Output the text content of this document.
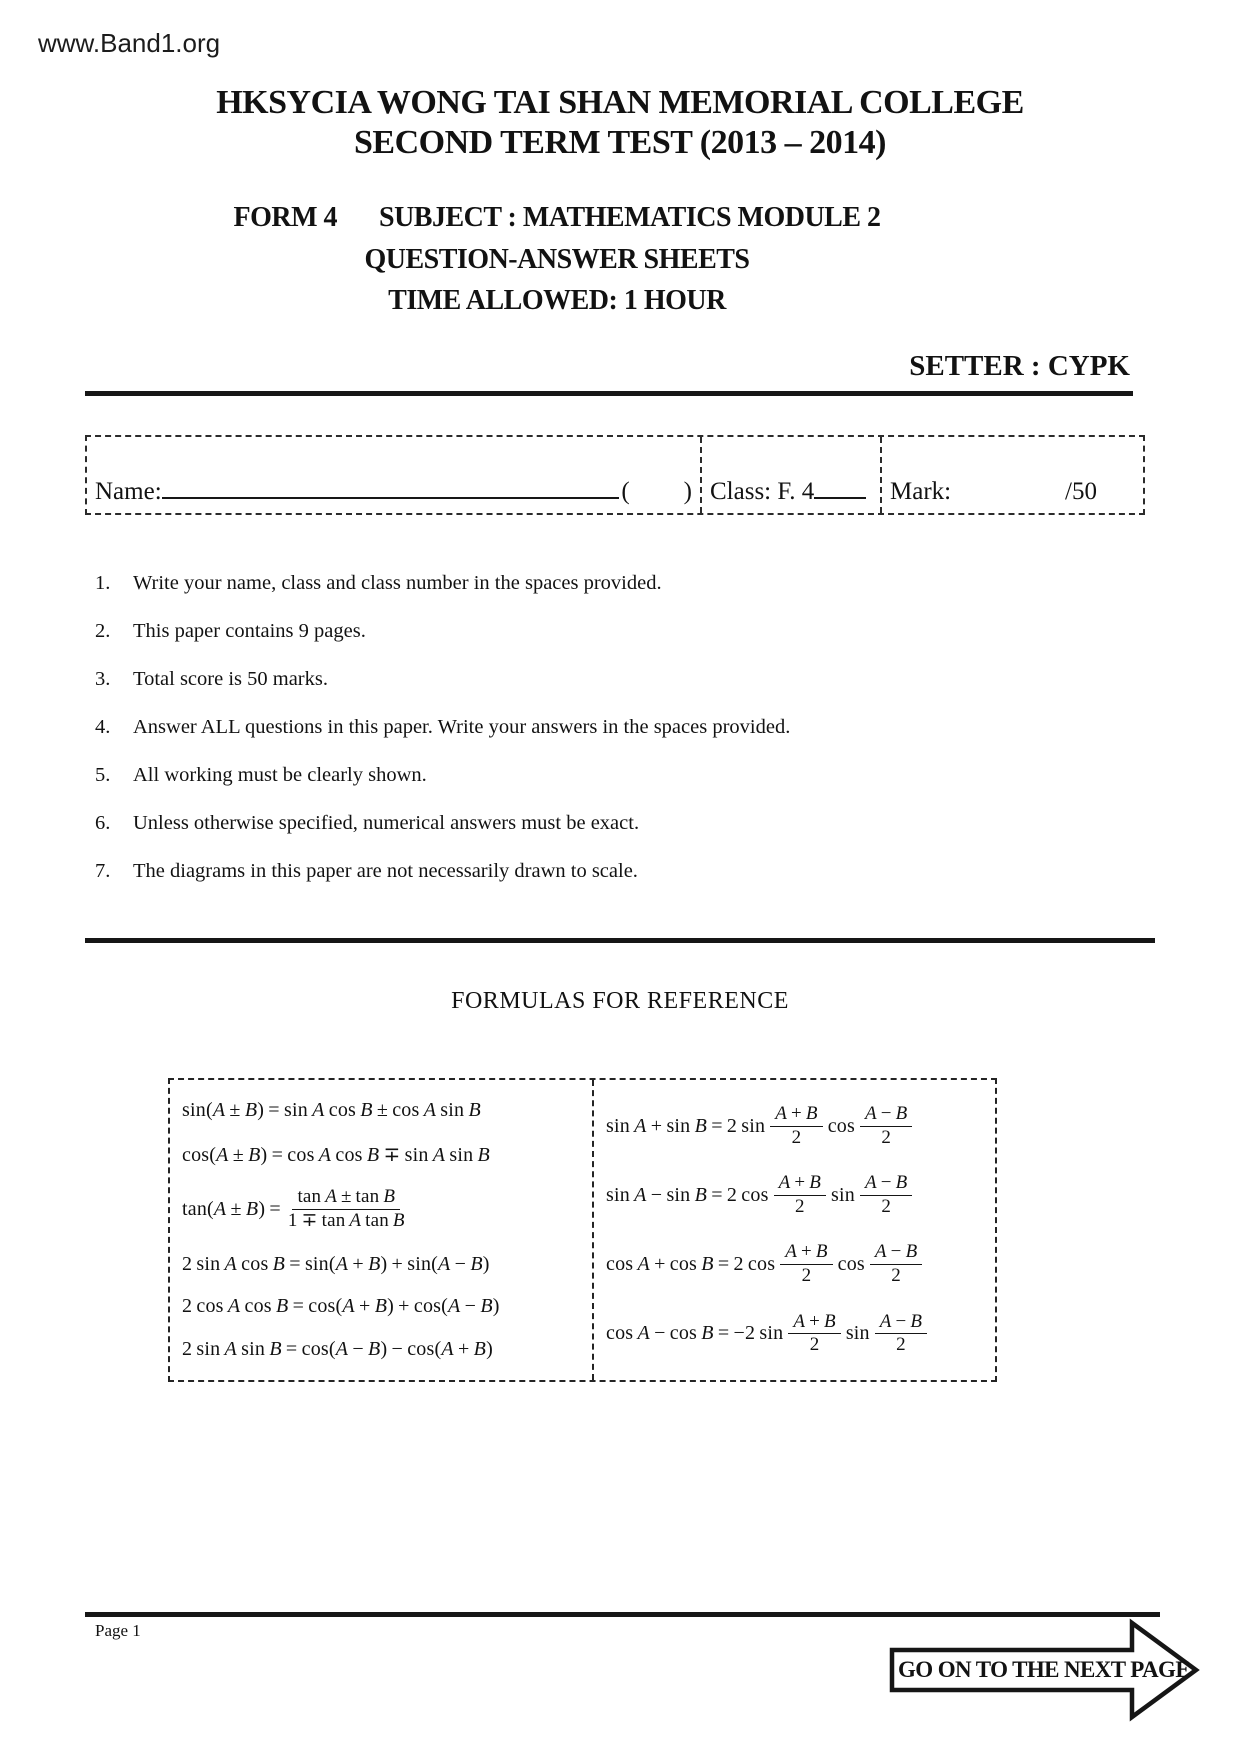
www.Band1.org
HKSYCIA WONG TAI SHAN MEMORIAL COLLEGE
SECOND TERM TEST (2013 – 2014)
FORM 4 SUBJECT : MATHEMATICS MODULE 2
QUESTION-ANSWER SHEETS
TIME ALLOWED: 1 HOUR
SETTER : CYPK
Name:	( ) Class: F. 4	Mark:	/50
1.	Write your name, class and class number in the spaces provided.
2.	This paper contains 9 pages.
3.	Total score is 50 marks.
4.	Answer ALL questions in this paper. Write your answers in the spaces provided.
5.	All working must be clearly shown.
6.	Unless otherwise specified, numerical answers must be exact.
7.	The diagrams in this paper are not necessarily drawn to scale.
FORMULAS FOR REFERENCE
sin(A ± B) = sin A cos B ± cos A sin B
cos(A ± B) = cos A cos B ∓ sin A sin B
$\tan(A \pm B) = \frac{\text{tan A ± tan B}}{\text{1 ∓ tan A tan B}}$
2 sin A cos B = sin(A + B) + sin(A − B)
2 cos A cos B = cos(A + B) + cos(A − B)
2 sin A sin B = cos(A − B) − cos(A + B)
sin A + sin B = 2 $\sin \frac{A + B}{2}$ $\cos \frac{A - B}{2}$
sin A − sin B = 2 $\cos \frac{A + B}{2}$ $\sin \frac{A - B}{2}$
cos A + cos B = 2 $\cos \frac{A + B}{2}$ $\cos \frac{A - B}{2}$
cos A − cos B = −2 $\sin \frac{A + B}{2}$ $\sin \frac{A - B}{2}$
Page 1
GO ON TO THE NEXT PAGE
